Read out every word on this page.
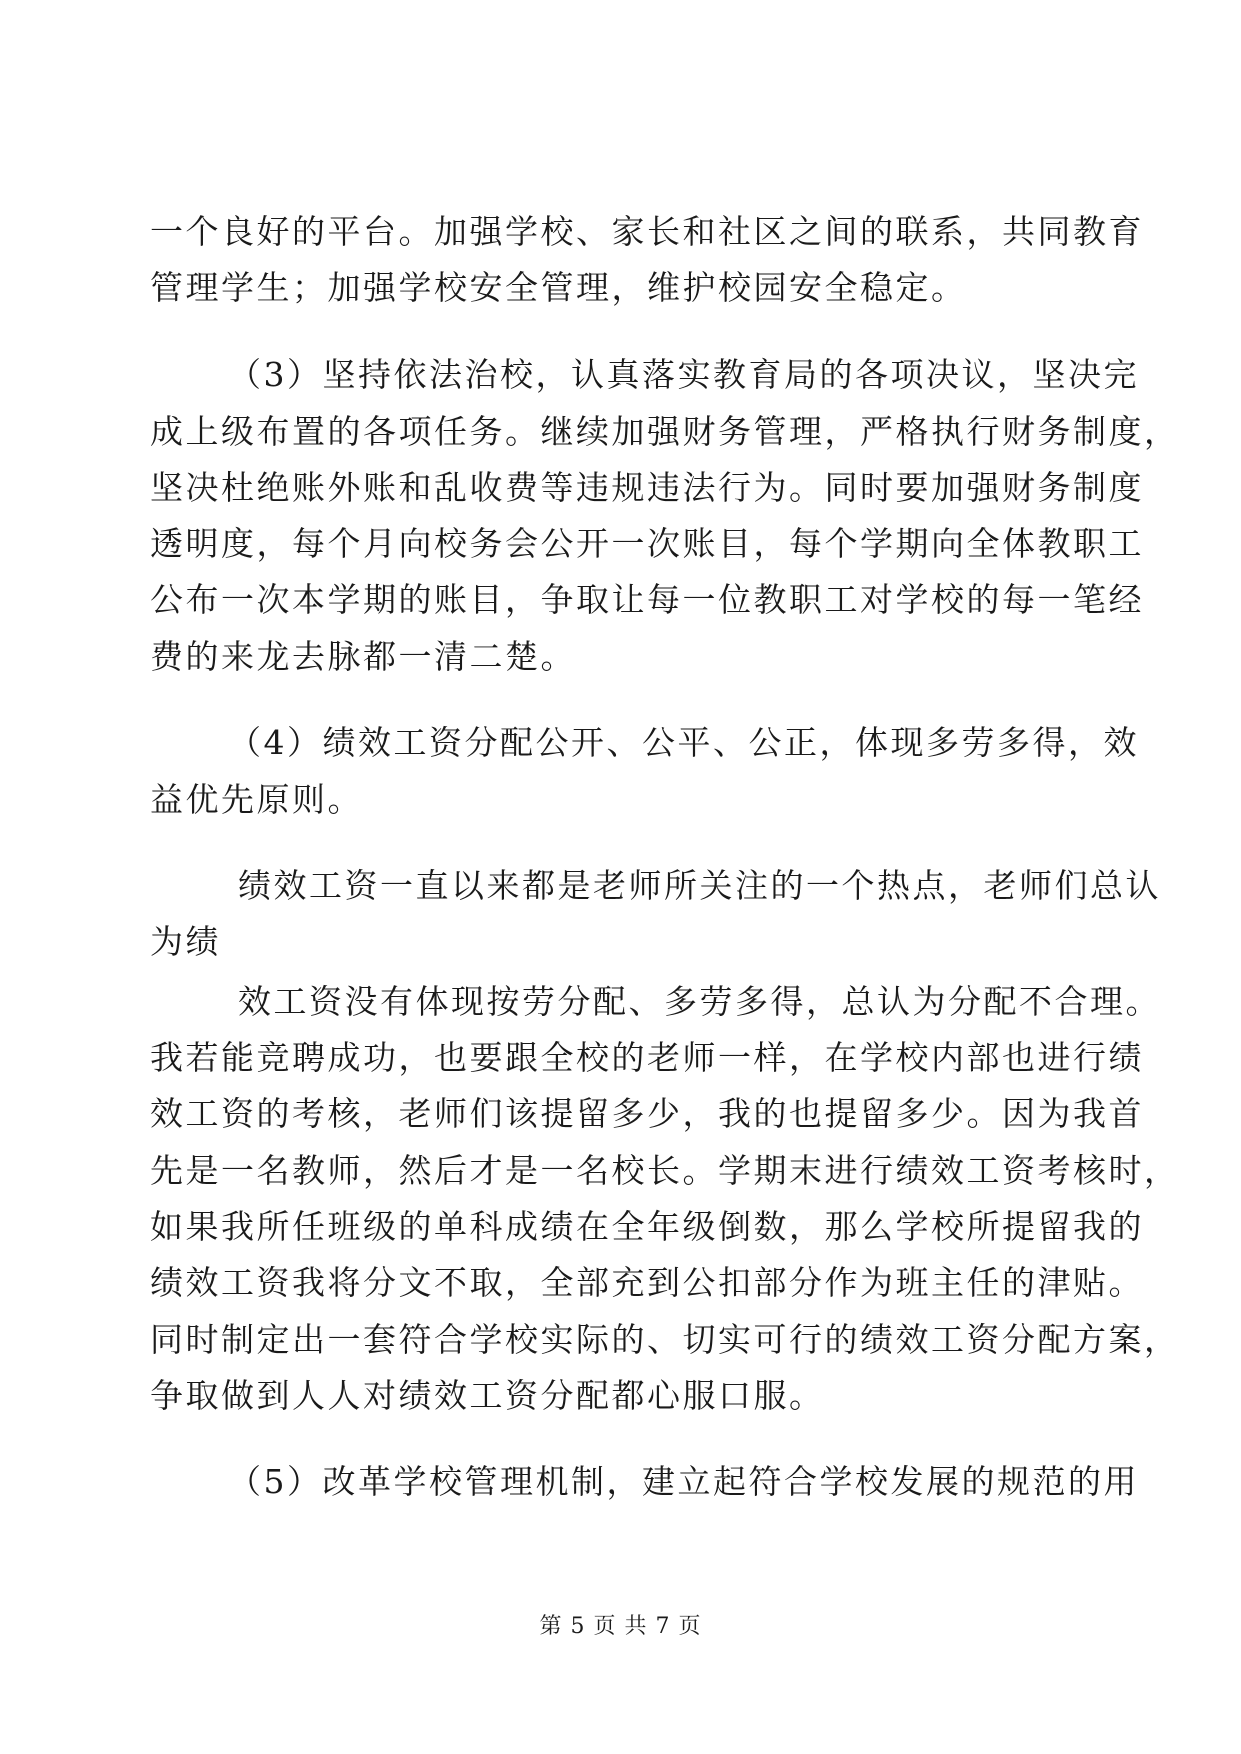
一个良好的平台。加强学校、家长和社区之间的联系，共同教育
管理学生；加强学校安全管理，维护校园安全稳定。
（3）坚持依法治校，认真落实教育局的各项决议，坚决完
成上级布置的各项任务。继续加强财务管理，严格执行财务制度，
坚决杜绝账外账和乱收费等违规违法行为。同时要加强财务制度
透明度，每个月向校务会公开一次账目，每个学期向全体教职工
公布一次本学期的账目，争取让每一位教职工对学校的每一笔经
费的来龙去脉都一清二楚。
（4）绩效工资分配公开、公平、公正，体现多劳多得，效
益优先原则。
绩效工资一直以来都是老师所关注的一个热点，老师们总认
为绩
效工资没有体现按劳分配、多劳多得，总认为分配不合理。
我若能竞聘成功，也要跟全校的老师一样，在学校内部也进行绩
效工资的考核，老师们该提留多少，我的也提留多少。因为我首
先是一名教师，然后才是一名校长。学期末进行绩效工资考核时，
如果我所任班级的单科成绩在全年级倒数，那么学校所提留我的
绩效工资我将分文不取，全部充到公扣部分作为班主任的津贴。
同时制定出一套符合学校实际的、切实可行的绩效工资分配方案，
争取做到人人对绩效工资分配都心服口服。
（5）改革学校管理机制，建立起符合学校发展的规范的用
第 5 页 共 7 页
